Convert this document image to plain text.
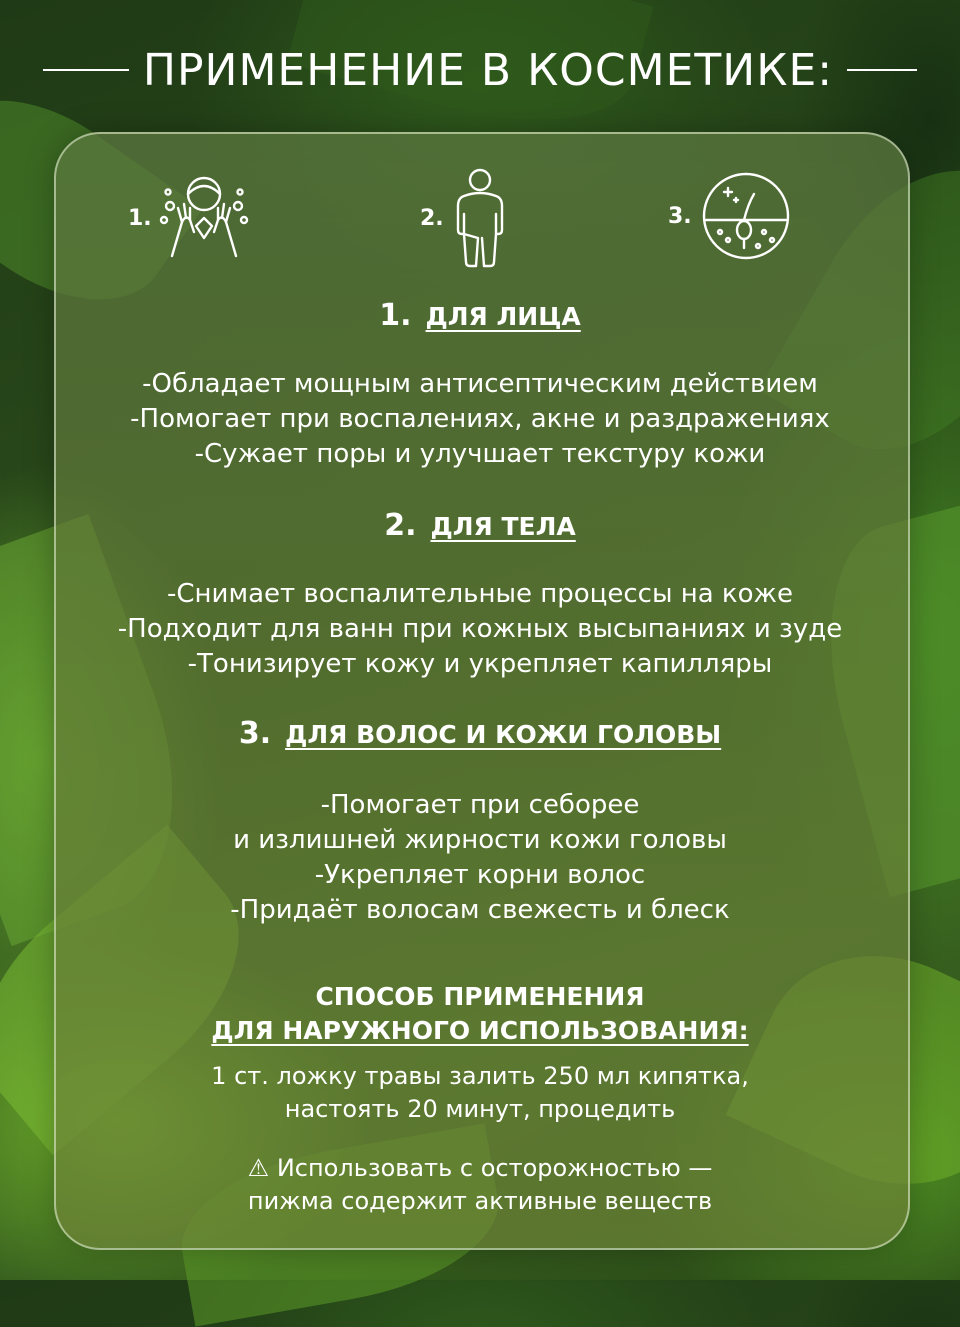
ПРИМЕНЕНИЕ В КОСМЕТИКЕ:
1.	2.	3.
1. ДЛЯ ЛИЦА
-Обладает мощным антисептическим действием
-Помогает при воспалениях, акне и раздражениях
-Сужает поры и улучшает текстуру кожи
2. ДЛЯ ТЕЛА
-Снимает воспалительные процессы на коже
-Подходит для ванн при кожных высыпаниях и зуде
-Тонизирует кожу и укрепляет капилляры
3. ДЛЯ ВОЛОС И КОЖИ ГОЛОВЫ
-Помогает при себорее
и излишней жирности кожи головы
-Укрепляет корни волос
-Придаёт волосам свежесть и блеск
СПОСОБ ПРИМЕНЕНИЯ
ДЛЯ НАРУЖНОГО ИСПОЛЬЗОВАНИЯ:
1 ст. ложку травы залить 250 мл кипятка,
настоять 20 минут, процедить
⚠ Использовать с осторожностью —
пижма содержит активные веществ
